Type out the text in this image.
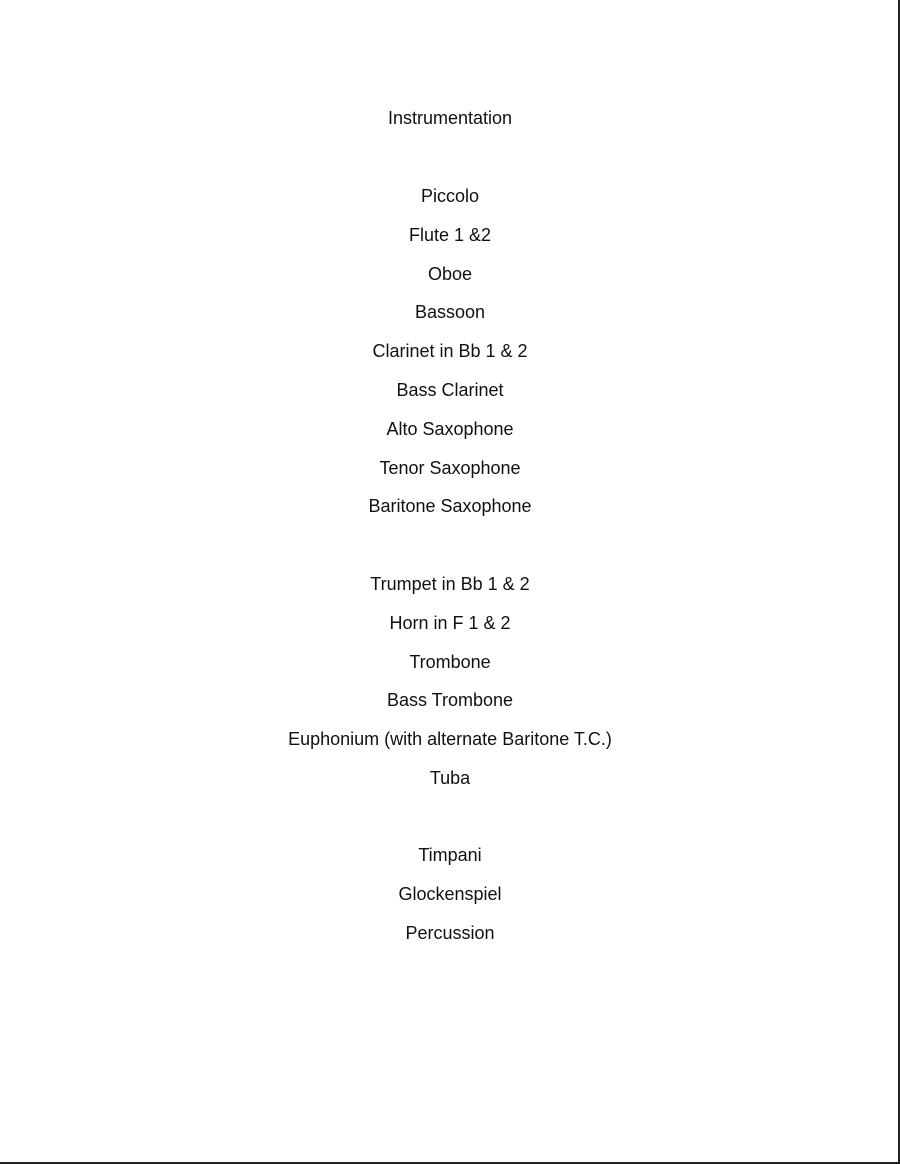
Instrumentation
Piccolo
Flute 1 &2
Oboe
Bassoon
Clarinet in Bb 1 & 2
Bass Clarinet
Alto Saxophone
Tenor Saxophone
Baritone Saxophone
Trumpet in Bb 1 & 2
Horn in F 1 & 2
Trombone
Bass Trombone
Euphonium (with alternate Baritone T.C.)
Tuba
Timpani
Glockenspiel
Percussion
